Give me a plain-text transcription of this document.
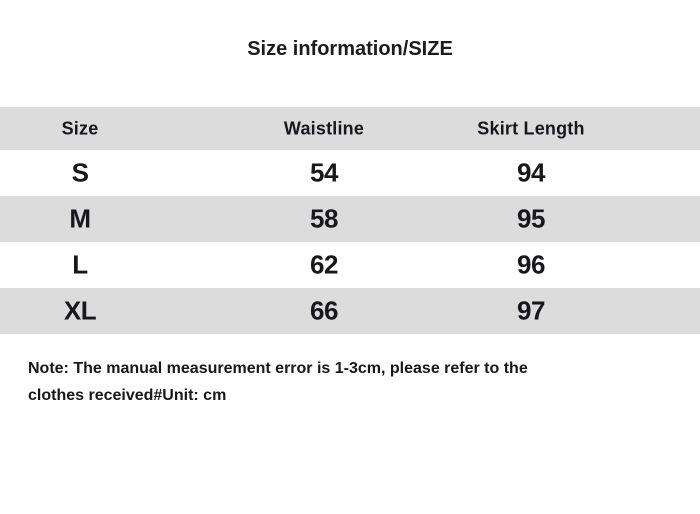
Size information/SIZE
Size	Waistline	Skirt Length
S	54	94
M	58	95
L	62	96
XL	66	97

Note: The manual measurement error is 1-3cm, please refer to the clothes received#Unit: cm
